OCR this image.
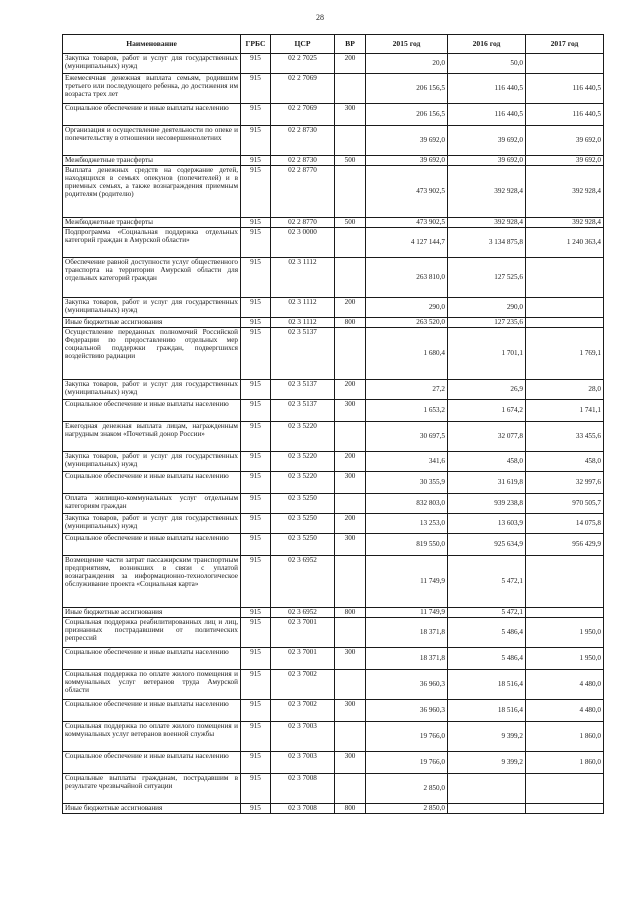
28
Наименование	ГРБС	ЦСР	ВР	2015 год	2016 год	2017 год
Закупка товаров, работ и услуг для государственных (муниципальных) нужд	915	02 2 7025	200	20,0	50,0	
Ежемесячная денежная выплата семьям, родившим третьего или последующего ребенка, до достижения им возраста трех лет	915	02 2 7069		206 156,5	116 440,5	116 440,5
Социальное обеспечение и иные выплаты населению	915	02 2 7069	300	206 156,5	116 440,5	116 440,5
Организация и осуществление деятельности по опеке и попечительству в отношении несовершеннолетних	915	02 2 8730		39 692,0	39 692,0	39 692,0
Межбюджетные трансферты	915	02 2 8730	500	39 692,0	39 692,0	39 692,0
Выплата денежных средств на содержание детей, находящихся в семьях опекунов (попечителей) и в приемных семьях, а также вознаграждения приемным родителям (родителю)	915	02 2 8770		473 902,5	392 928,4	392 928,4
Межбюджетные трансферты	915	02 2 8770	500	473 902,5	392 928,4	392 928,4
Подпрограмма «Социальная поддержка отдельных категорий граждан в Амурской области»	915	02 3 0000		4 127 144,7	3 134 875,8	1 240 363,4
Обеспечение равной доступности услуг общественного транспорта на территории Амурской области для отдельных категорий граждан	915	02 3 1112		263 810,0	127 525,6	
Закупка товаров, работ и услуг для государственных (муниципальных) нужд	915	02 3 1112	200	290,0	290,0	
Иные бюджетные ассигнования	915	02 3 1112	800	263 520,0	127 235,6	
Осуществление переданных полномочий Российской Федерации по предоставлению отдельных мер социальной поддержки граждан, подвергшихся воздействию радиации	915	02 3 5137		1 680,4	1 701,1	1 769,1
Закупка товаров, работ и услуг для государственных (муниципальных) нужд	915	02 3 5137	200	27,2	26,9	28,0
Социальное обеспечение и иные выплаты населению	915	02 3 5137	300	1 653,2	1 674,2	1 741,1
Ежегодная денежная выплата лицам, награжденным нагрудным знаком «Почетный донор России»	915	02 3 5220		30 697,5	32 077,8	33 455,6
Закупка товаров, работ и услуг для государственных (муниципальных) нужд	915	02 3 5220	200	341,6	458,0	458,0
Социальное обеспечение и иные выплаты населению	915	02 3 5220	300	30 355,9	31 619,8	32 997,6
Оплата жилищно-коммунальных услуг отдельным категориям граждан	915	02 3 5250		832 803,0	939 238,8	970 505,7
Закупка товаров, работ и услуг для государственных (муниципальных) нужд	915	02 3 5250	200	13 253,0	13 603,9	14 075,8
Социальное обеспечение и иные выплаты населению	915	02 3 5250	300	819 550,0	925 634,9	956 429,9
Возмещение части затрат пассажирским транспортным предприятиям, возникших в связи с уплатой вознаграждения за информационно-технологическое обслуживание проекта «Социальная карта»	915	02 3 6952		11 749,9	5 472,1	
Иные бюджетные ассигнования	915	02 3 6952	800	11 749,9	5 472,1	
Социальная поддержка реабилитированных лиц и лиц, признанных пострадавшими от политических репрессий	915	02 3 7001		18 371,8	5 486,4	1 950,0
Социальное обеспечение и иные выплаты населению	915	02 3 7001	300	18 371,8	5 486,4	1 950,0
Социальная поддержка по оплате жилого помещения и коммунальных услуг ветеранов труда Амурской области	915	02 3 7002		36 960,3	18 516,4	4 480,0
Социальное обеспечение и иные выплаты населению	915	02 3 7002	300	36 960,3	18 516,4	4 480,0
Социальная поддержка по оплате жилого помещения и коммунальных услуг ветеранов военной службы	915	02 3 7003		19 766,0	9 399,2	1 860,0
Социальное обеспечение и иные выплаты населению	915	02 3 7003	300	19 766,0	9 399,2	1 860,0
Социальные выплаты гражданам, пострадавшим в результате чрезвычайной ситуации	915	02 3 7008		2 850,0		
Иные бюджетные ассигнования	915	02 3 7008	800	2 850,0		
